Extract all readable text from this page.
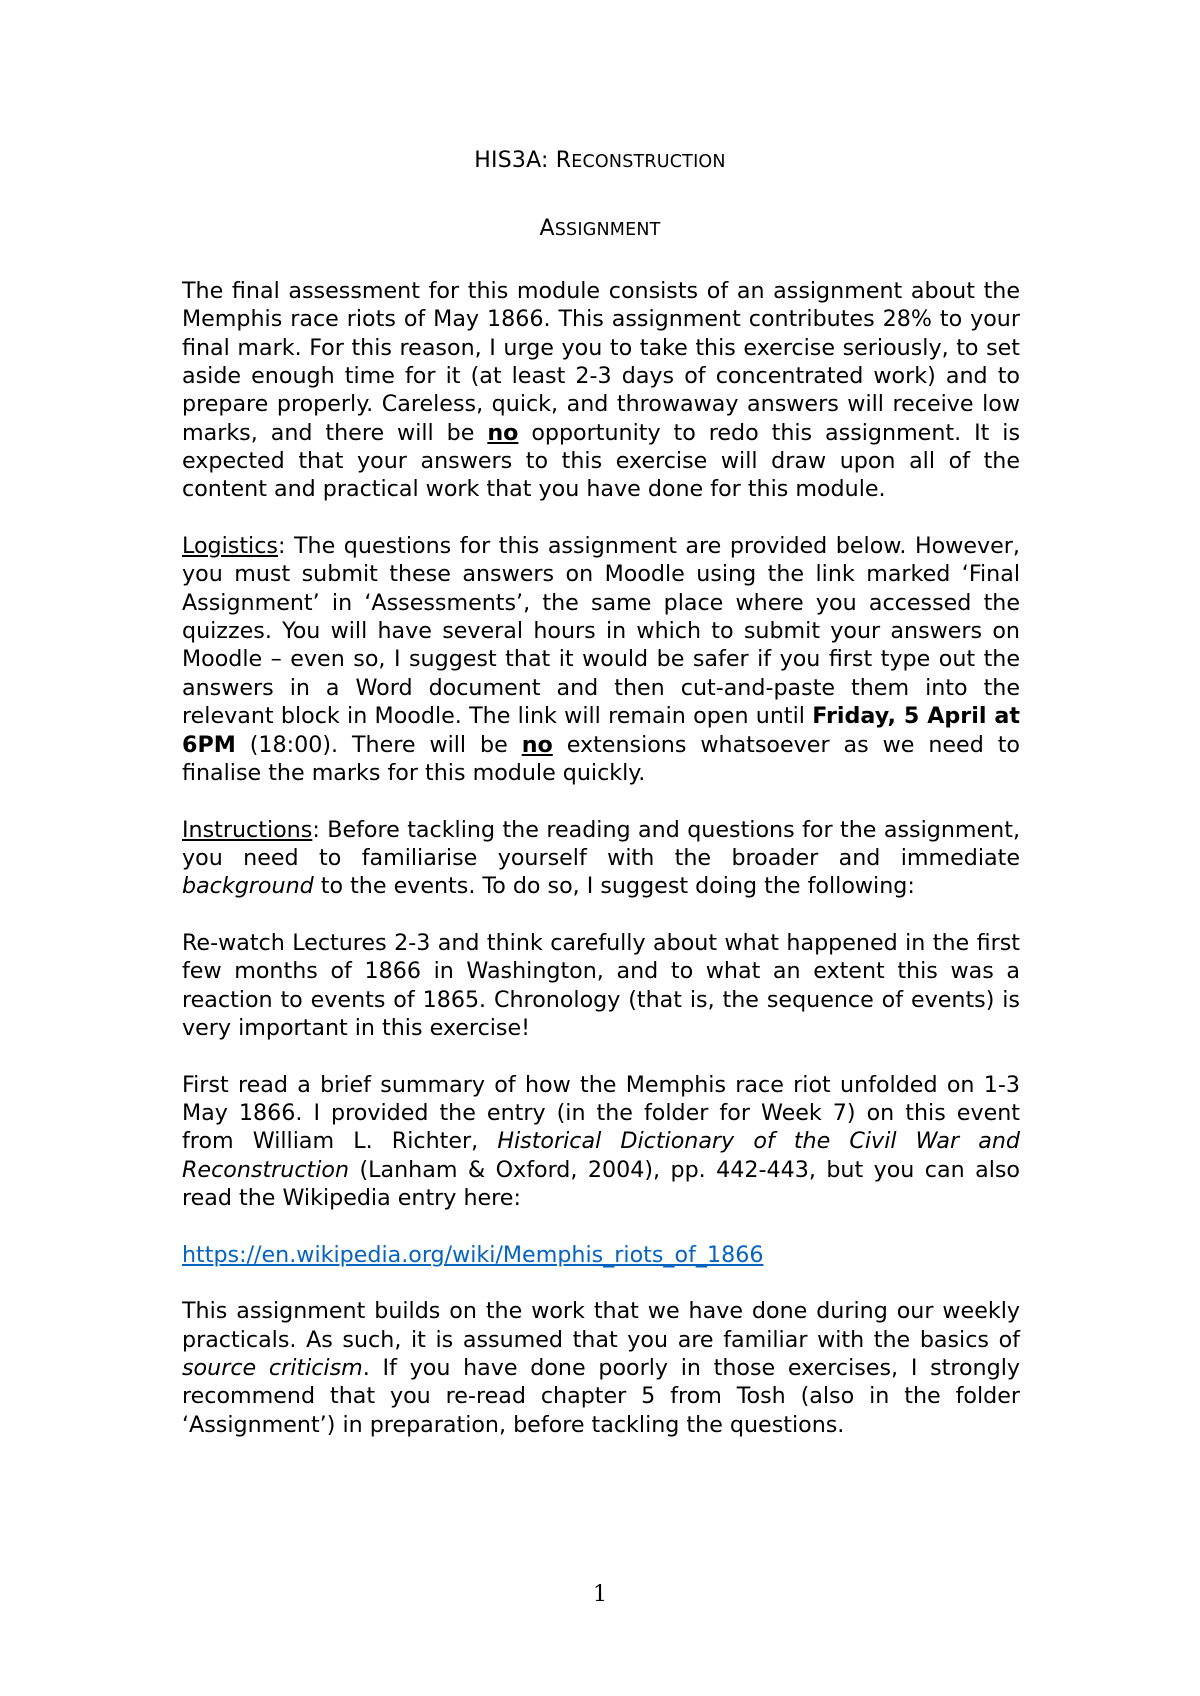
HIS3A: RECONSTRUCTION
ASSIGNMENT

The final assessment for this module consists of an assignment about the Memphis race riots of May 1866. This assignment contributes 28% to your final mark. For this reason, I urge you to take this exercise seriously, to set aside enough time for it (at least 2-3 days of concentrated work) and to prepare properly. Careless, quick, and throwaway answers will receive low marks, and there will be no opportunity to redo this assignment. It is expected that your answers to this exercise will draw upon all of the content and practical work that you have done for this module.

Logistics: The questions for this assignment are provided below. However, you must submit these answers on Moodle using the link marked ‘Final Assignment’ in ‘Assessments’, the same place where you accessed the quizzes. You will have several hours in which to submit your answers on Moodle – even so, I suggest that it would be safer if you first type out the answers in a Word document and then cut-and-paste them into the relevant block in Moodle. The link will remain open until Friday, 5 April at 6PM (18:00). There will be no extensions whatsoever as we need to finalise the marks for this module quickly.

Instructions: Before tackling the reading and questions for the assignment, you need to familiarise yourself with the broader and immediate background to the events. To do so, I suggest doing the following:

Re-watch Lectures 2-3 and think carefully about what happened in the first few months of 1866 in Washington, and to what an extent this was a reaction to events of 1865. Chronology (that is, the sequence of events) is very important in this exercise!

First read a brief summary of how the Memphis race riot unfolded on 1-3 May 1866. I provided the entry (in the folder for Week 7) on this event from William L. Richter, Historical Dictionary of the Civil War and Reconstruction (Lanham & Oxford, 2004), pp. 442-443, but you can also read the Wikipedia entry here:

https://en.wikipedia.org/wiki/Memphis_riots_of_1866

This assignment builds on the work that we have done during our weekly practicals. As such, it is assumed that you are familiar with the basics of source criticism. If you have done poorly in those exercises, I strongly recommend that you re-read chapter 5 from Tosh (also in the folder ‘Assignment’) in preparation, before tackling the questions.

1
